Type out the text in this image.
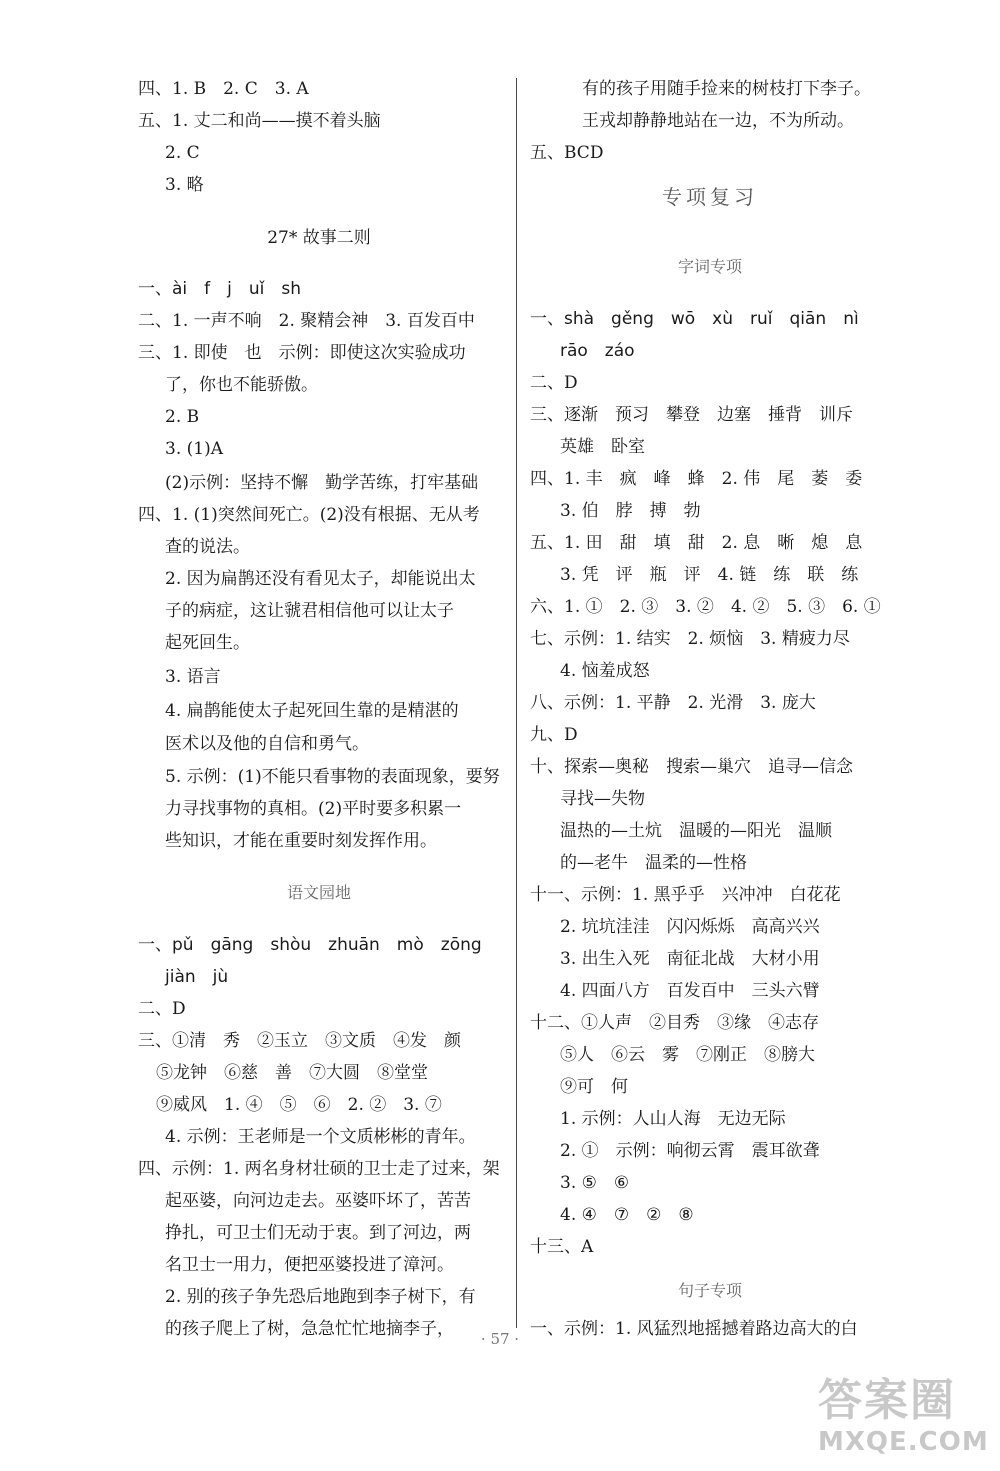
四、1. B　2. C　3. A
五、1. 丈二和尚——摸不着头脑
2. C
3. 略
27* 故事二则
一、ài　f　j　uǐ　sh
二、1. 一声不响　2. 聚精会神　3. 百发百中
三、1. 即使　也　示例：即使这次实验成功
了，你也不能骄傲。
2. B
3. (1)A
(2)示例：坚持不懈　勤学苦练，打牢基础
四、1. (1)突然间死亡。(2)没有根据、无从考
查的说法。
2. 因为扁鹊还没有看见太子，却能说出太
子的病症，这让虢君相信他可以让太子
起死回生。
3. 语言
4. 扁鹊能使太子起死回生靠的是精湛的
医术以及他的自信和勇气。
5. 示例：(1)不能只看事物的表面现象，要努
力寻找事物的真相。(2)平时要多积累一
些知识，才能在重要时刻发挥作用。
语文园地
一、pǔ　gāng　shòu　zhuān　mò　zōng
jiàn　jù
二、D
三、①清　秀　②玉立　③文质　④发　颜
⑤龙钟　⑥慈　善　⑦大圆　⑧堂堂
⑨威风　1. ④　⑤　⑥　2. ②　3. ⑦
4. 示例：王老师是一个文质彬彬的青年。
四、示例：1. 两名身材壮硕的卫士走了过来，架
起巫婆，向河边走去。巫婆吓坏了，苦苦
挣扎，可卫士们无动于衷。到了河边，两
名卫士一用力，便把巫婆投进了漳河。
2. 别的孩子争先恐后地跑到李子树下，有
的孩子爬上了树，急急忙忙地摘李子，
有的孩子用随手捡来的树枝打下李子。
王戎却静静地站在一边，不为所动。
五、BCD
专项复习
字词专项
一、shà　gěng　wō　xù　ruǐ　qiān　nì
rāo　záo
二、D
三、逐渐　预习　攀登　边塞　捶背　训斥
英雄　卧室
四、1. 丰　疯　峰　蜂　2. 伟　尾　萎　委
3. 伯　脖　搏　勃
五、1. 田　甜　填　甜　2. 息　晰　熄　息
3. 凭　评　瓶　评　4. 链　练　联　练
六、1. ①　2. ③　3. ②　4. ②　5. ③　6. ①
七、示例：1. 结实　2. 烦恼　3. 精疲力尽
4. 恼羞成怒
八、示例：1. 平静　2. 光滑　3. 庞大
九、D
十、探索—奥秘　搜索—巢穴　追寻—信念
寻找—失物
温热的—土炕　温暖的—阳光　温顺
的—老牛　温柔的—性格
十一、示例：1. 黑乎乎　兴冲冲　白花花
2. 坑坑洼洼　闪闪烁烁　高高兴兴
3. 出生入死　南征北战　大材小用
4. 四面八方　百发百中　三头六臂
十二、①人声　②目秀　③缘　④志存
⑤人　⑥云　雾　⑦刚正　⑧膀大
⑨可　何
1. 示例：人山人海　无边无际
2. ①　示例：响彻云霄　震耳欲聋
3. ⑤　⑥
4. ④　⑦　②　⑧
十三、A
句子专项
一、示例：1. 风猛烈地摇撼着路边高大的白
· 57 ·
答案圈
MXQE.COM
